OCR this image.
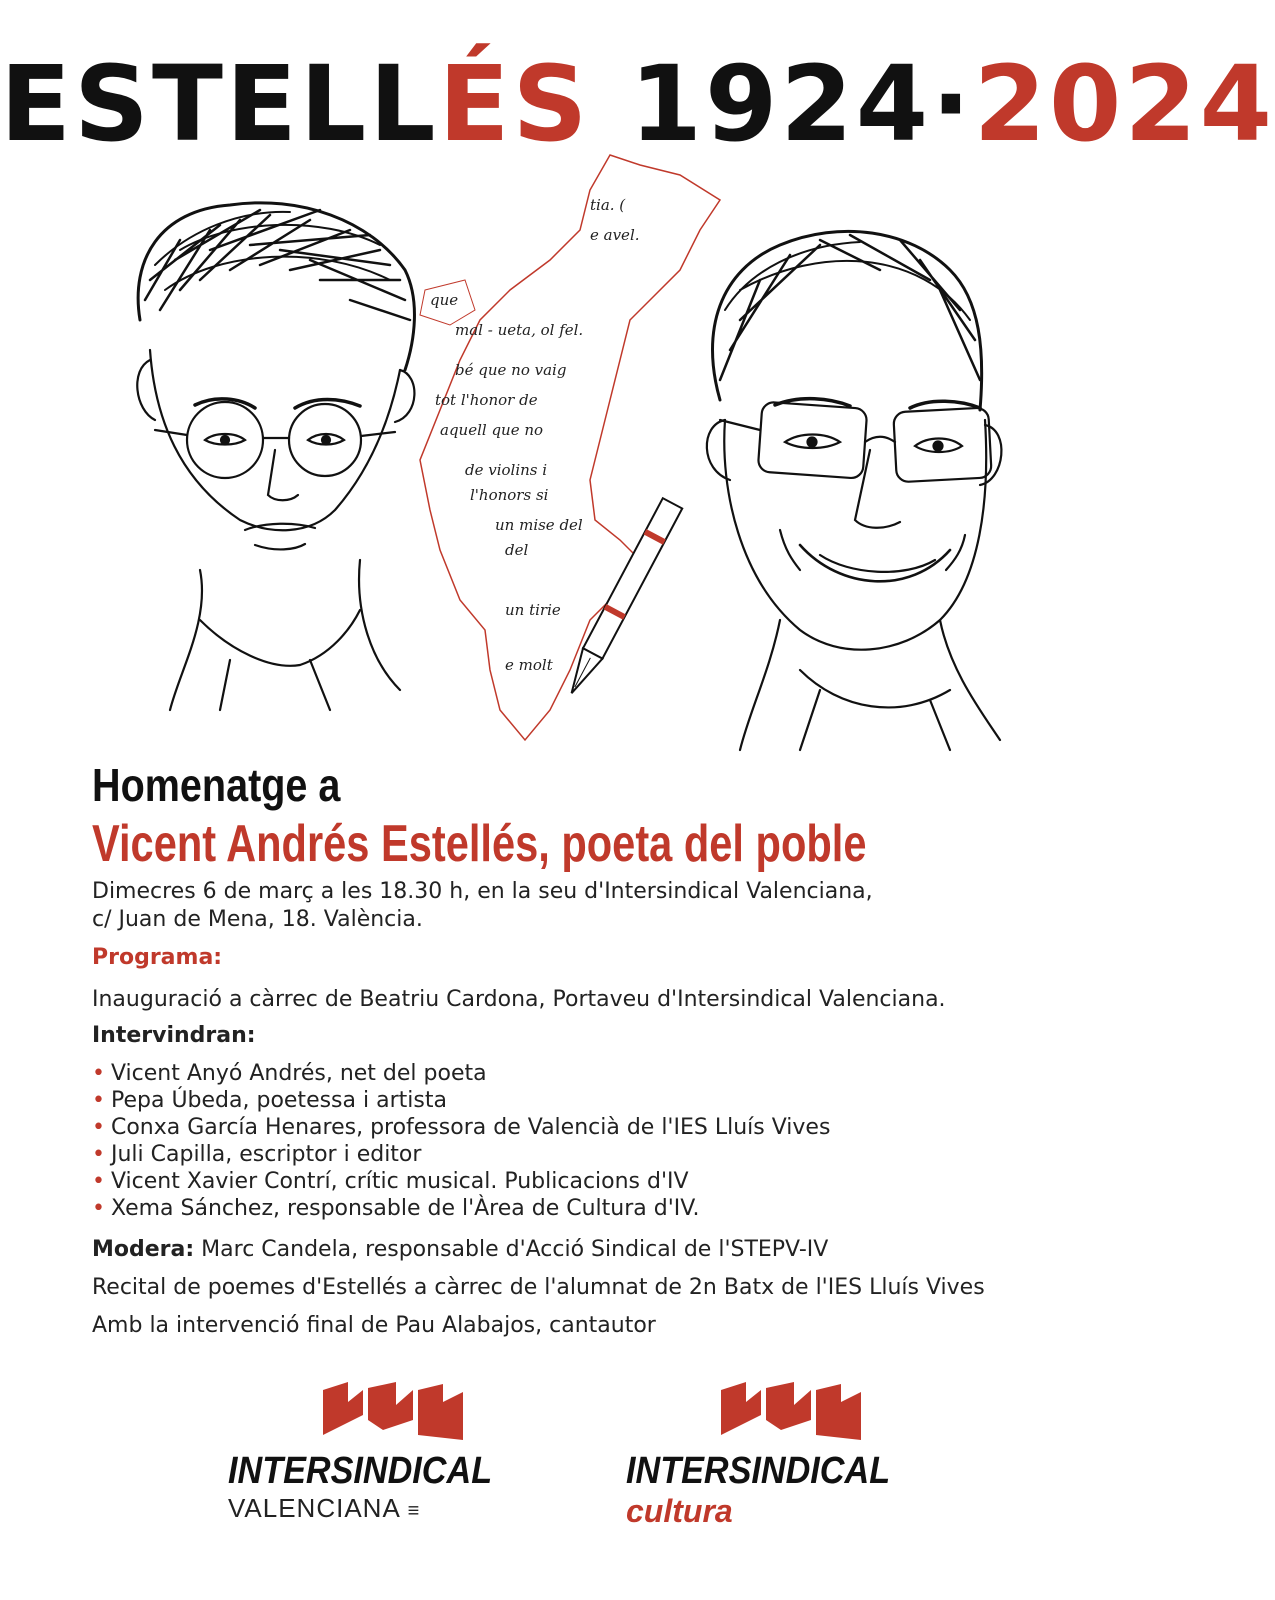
ESTELLÉS 1924·2024
tia. (
e avel.
que
mal - ueta, ol fel.
bé que no vaig
tot l'honor de
aquell que no
de violins i
l'honors si
un mise del
del
un tirie
e molt
Homenatge a
Vicent Andrés Estellés, poeta del poble
Dimecres 6 de març a les 18.30 h, en la seu d'Intersindical Valenciana,
c/ Juan de Mena, 18. València.
Programa:
Inauguració a càrrec de Beatriu Cardona, Portaveu d'Intersindical Valenciana.
Intervindran:
• Vicent Anyó Andrés, net del poeta
• Pepa Úbeda, poetessa i artista
• Conxa García Henares, professora de Valencià de l'IES Lluís Vives
• Juli Capilla, escriptor i editor
• Vicent Xavier Contrí, crític musical. Publicacions d'IV
• Xema Sánchez, responsable de l'Àrea de Cultura d'IV.
Modera: Marc Candela, responsable d'Acció Sindical de l'STEPV-IV
Recital de poemes d'Estellés a càrrec de l'alumnat de 2n Batx de l'IES Lluís Vives
Amb la intervenció final de Pau Alabajos, cantautor
INTERSINDICAL
VALENCIANA ≡
INTERSINDICAL
cultura
